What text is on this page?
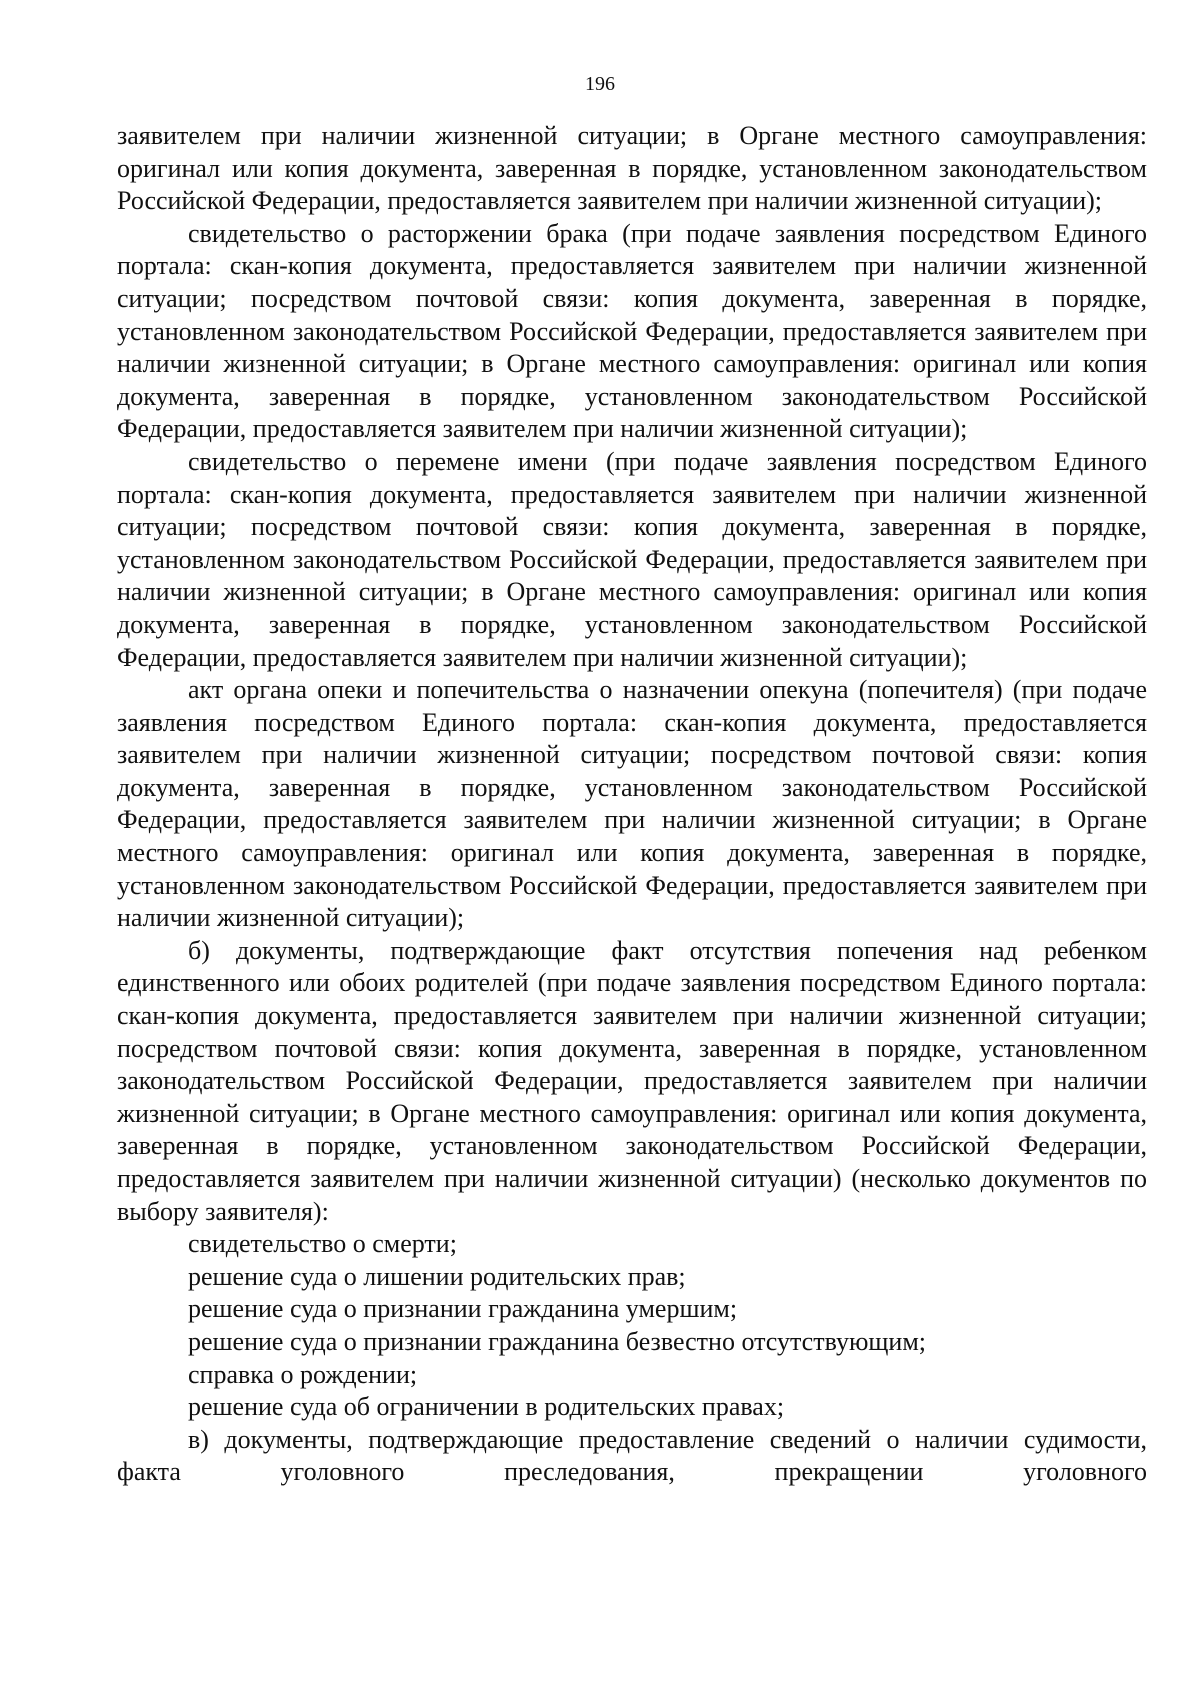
196

заявителем при наличии жизненной ситуации; в Органе местного самоуправления: оригинал или копия документа, заверенная в порядке, установленном законодательством Российской Федерации, предоставляется заявителем при наличии жизненной ситуации);

свидетельство о расторжении брака (при подаче заявления посредством Единого портала: скан-копия документа, предоставляется заявителем при наличии жизненной ситуации; посредством почтовой связи: копия документа, заверенная в порядке, установленном законодательством Российской Федерации, предоставляется заявителем при наличии жизненной ситуации; в Органе местного самоуправления: оригинал или копия документа, заверенная в порядке, установленном законодательством Российской Федерации, предоставляется заявителем при наличии жизненной ситуации);

свидетельство о перемене имени (при подаче заявления посредством Единого портала: скан-копия документа, предоставляется заявителем при наличии жизненной ситуации; посредством почтовой связи: копия документа, заверенная в порядке, установленном законодательством Российской Федерации, предоставляется заявителем при наличии жизненной ситуации; в Органе местного самоуправления: оригинал или копия документа, заверенная в порядке, установленном законодательством Российской Федерации, предоставляется заявителем при наличии жизненной ситуации);

акт органа опеки и попечительства о назначении опекуна (попечителя) (при подаче заявления посредством Единого портала: скан-копия документа, предоставляется заявителем при наличии жизненной ситуации; посредством почтовой связи: копия документа, заверенная в порядке, установленном законодательством Российской Федерации, предоставляется заявителем при наличии жизненной ситуации; в Органе местного самоуправления: оригинал или копия документа, заверенная в порядке, установленном законодательством Российской Федерации, предоставляется заявителем при наличии жизненной ситуации);

б) документы, подтверждающие факт отсутствия попечения над ребенком единственного или обоих родителей (при подаче заявления посредством Единого портала: скан-копия документа, предоставляется заявителем при наличии жизненной ситуации; посредством почтовой связи: копия документа, заверенная в порядке, установленном законодательством Российской Федерации, предоставляется заявителем при наличии жизненной ситуации; в Органе местного самоуправления: оригинал или копия документа, заверенная в порядке, установленном законодательством Российской Федерации, предоставляется заявителем при наличии жизненной ситуации) (несколько документов по выбору заявителя):

свидетельство о смерти;

решение суда о лишении родительских прав;

решение суда о признании гражданина умершим;

решение суда о признании гражданина безвестно отсутствующим;

справка о рождении;

решение суда об ограничении в родительских правах;

в) документы, подтверждающие предоставление сведений о наличии судимости, факта уголовного преследования, прекращении уголовного
